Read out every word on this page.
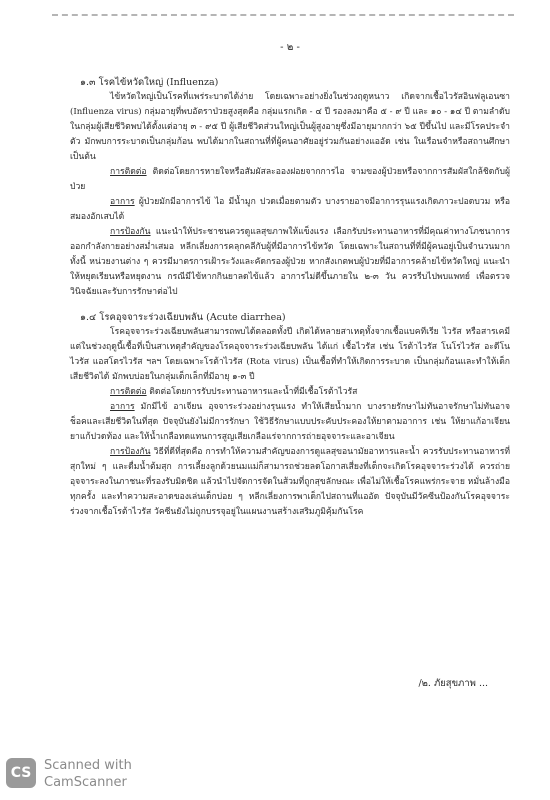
- ๒ -
๑.๓ โรคไข้หวัดใหญ่ (Influenza)

ไข้หวัดใหญ่เป็นโรคที่แพร่ระบาดได้ง่าย โดยเฉพาะอย่างยิ่งในช่วงฤดูหนาว เกิดจากเชื้อไวรัสอินฟลูเอนซา (Influenza virus) กลุ่มอายุที่พบอัตราป่วยสูงสุดคือ กลุ่มแรกเกิด - ๔ ปี รองลงมาคือ ๕ - ๙ ปี และ ๑๐ - ๑๔ ปี ตามลำดับ ในกลุ่มผู้เสียชีวิตพบได้ตั้งแต่อายุ ๓ - ๙๕ ปี ผู้เสียชีวิตส่วนใหญ่เป็นผู้สูงอายุซึ่งมีอายุมากกว่า ๖๕ ปีขึ้นไป และมีโรคประจำตัว มักพบการระบาดเป็นกลุ่มก้อน พบได้มากในสถานที่ที่ผู้คนอาศัยอยู่ร่วมกันอย่างแออัด เช่น ในเรือนจำหรือสถานศึกษา เป็นต้น

การติดต่อ ติดต่อโดยการหายใจหรือสัมผัสละอองฝอยจากการไอ จามของผู้ป่วยหรือจากการสัมผัสใกล้ชิดกับผู้ป่วย

อาการ ผู้ป่วยมักมีอาการไข้ ไอ มีน้ำมูก ปวดเมื่อยตามตัว บางรายอาจมีอาการรุนแรงเกิดภาวะปอดบวม หรือสมองอักเสบได้

การป้องกัน แนะนำให้ประชาชนควรดูแลสุขภาพให้แข็งแรง เลือกรับประทานอาหารที่มีคุณค่าทางโภชนาการ ออกกำลังกายอย่างสม่ำเสมอ หลีกเลี่ยงการคลุกคลีกับผู้ที่มีอาการไข้หวัด โดยเฉพาะในสถานที่ที่มีผู้คนอยู่เป็นจำนวนมาก ทั้งนี้ หน่วยงานต่าง ๆ ควรมีมาตรการเฝ้าระวังและคัดกรองผู้ป่วย หากสังเกตพบผู้ป่วยที่มีอาการคล้ายไข้หวัดใหญ่ แนะนำให้หยุดเรียนหรือหยุดงาน กรณีมีไข้หากกินยาลดไข้แล้ว อาการไม่ดีขึ้นภายใน ๒-๓ วัน ควรรีบไปพบแพทย์ เพื่อตรวจวินิจฉัยและรับการรักษาต่อไป

๑.๔ โรคอุจจาระร่วงเฉียบพลัน (Acute diarrhea)

โรคอุจจาระร่วงเฉียบพลันสามารถพบได้ตลอดทั้งปี เกิดได้หลายสาเหตุทั้งจากเชื้อแบคทีเรีย ไวรัส หรือสารเคมี แต่ในช่วงฤดูนี้เชื้อที่เป็นสาเหตุสำคัญของโรคอุจจาระร่วงเฉียบพลัน ได้แก่ เชื้อไวรัส เช่น โรต้าไวรัส โนโรไวรัส อะดีโนไวรัส แอสโตรไวรัส ฯลฯ โดยเฉพาะโรต้าไวรัส (Rota virus) เป็นเชื้อที่ทำให้เกิดการระบาด เป็นกลุ่มก้อนและทำให้เด็กเสียชีวิตได้ มักพบบ่อยในกลุ่มเด็กเล็กที่มีอายุ ๑-๓ ปี

การติดต่อ ติดต่อโดยการรับประทานอาหารและน้ำที่มีเชื้อโรต้าไวรัส

อาการ มักมีไข้ อาเจียน อุจจาระร่วงอย่างรุนแรง ทำให้เสียน้ำมาก บางรายรักษาไม่ทันอาจรักษาไม่ทันอาจช็อคและเสียชีวิตในที่สุด ปัจจุบันยังไม่มีการรักษา ใช้วิธีรักษาแบบประคับประคองให้ยาตามอาการ เช่น ให้ยาแก้อาเจียน ยาแก้ปวดท้อง และให้น้ำเกลือทดแทนการสูญเสียเกลือแร่จากการถ่ายอุจจาระและอาเจียน

การป้องกัน วิธีที่ดีที่สุดคือ การทำให้ความสำคัญของการดูแลสุขอนามัยอาหารและน้ำ ควรรับประทานอาหารที่สุกใหม่ ๆ และดื่มน้ำต้มสุก การเลี้ยงลูกด้วยนมแม่ก็สามารถช่วยลดโอกาสเสี่ยงที่เด็กจะเกิดโรคอุจจาระร่วงได้ ควรถ่ายอุจจาระลงในภาชนะที่รองรับมิดชิด แล้วนำไปจัดการจัดในส้วมที่ถูกสุขลักษณะ เพื่อไม่ให้เชื้อโรคแพร่กระจาย หมั่นล้างมือทุกครั้ง และทำความสะอาดของเล่นเด็กบ่อย ๆ หลีกเลี่ยงการพาเด็กไปสถานที่แออัด ปัจจุบันมีวัคซีนป้องกันโรคอุจจาระร่วงจากเชื้อโรต้าไวรัส วัคซีนยังไม่ถูกบรรจุอยู่ในแผนงานสร้างเสริมภูมิคุ้มกันโรค

/๒. ภัยสุขภาพ ...
CS Scanned with
CamScanner
